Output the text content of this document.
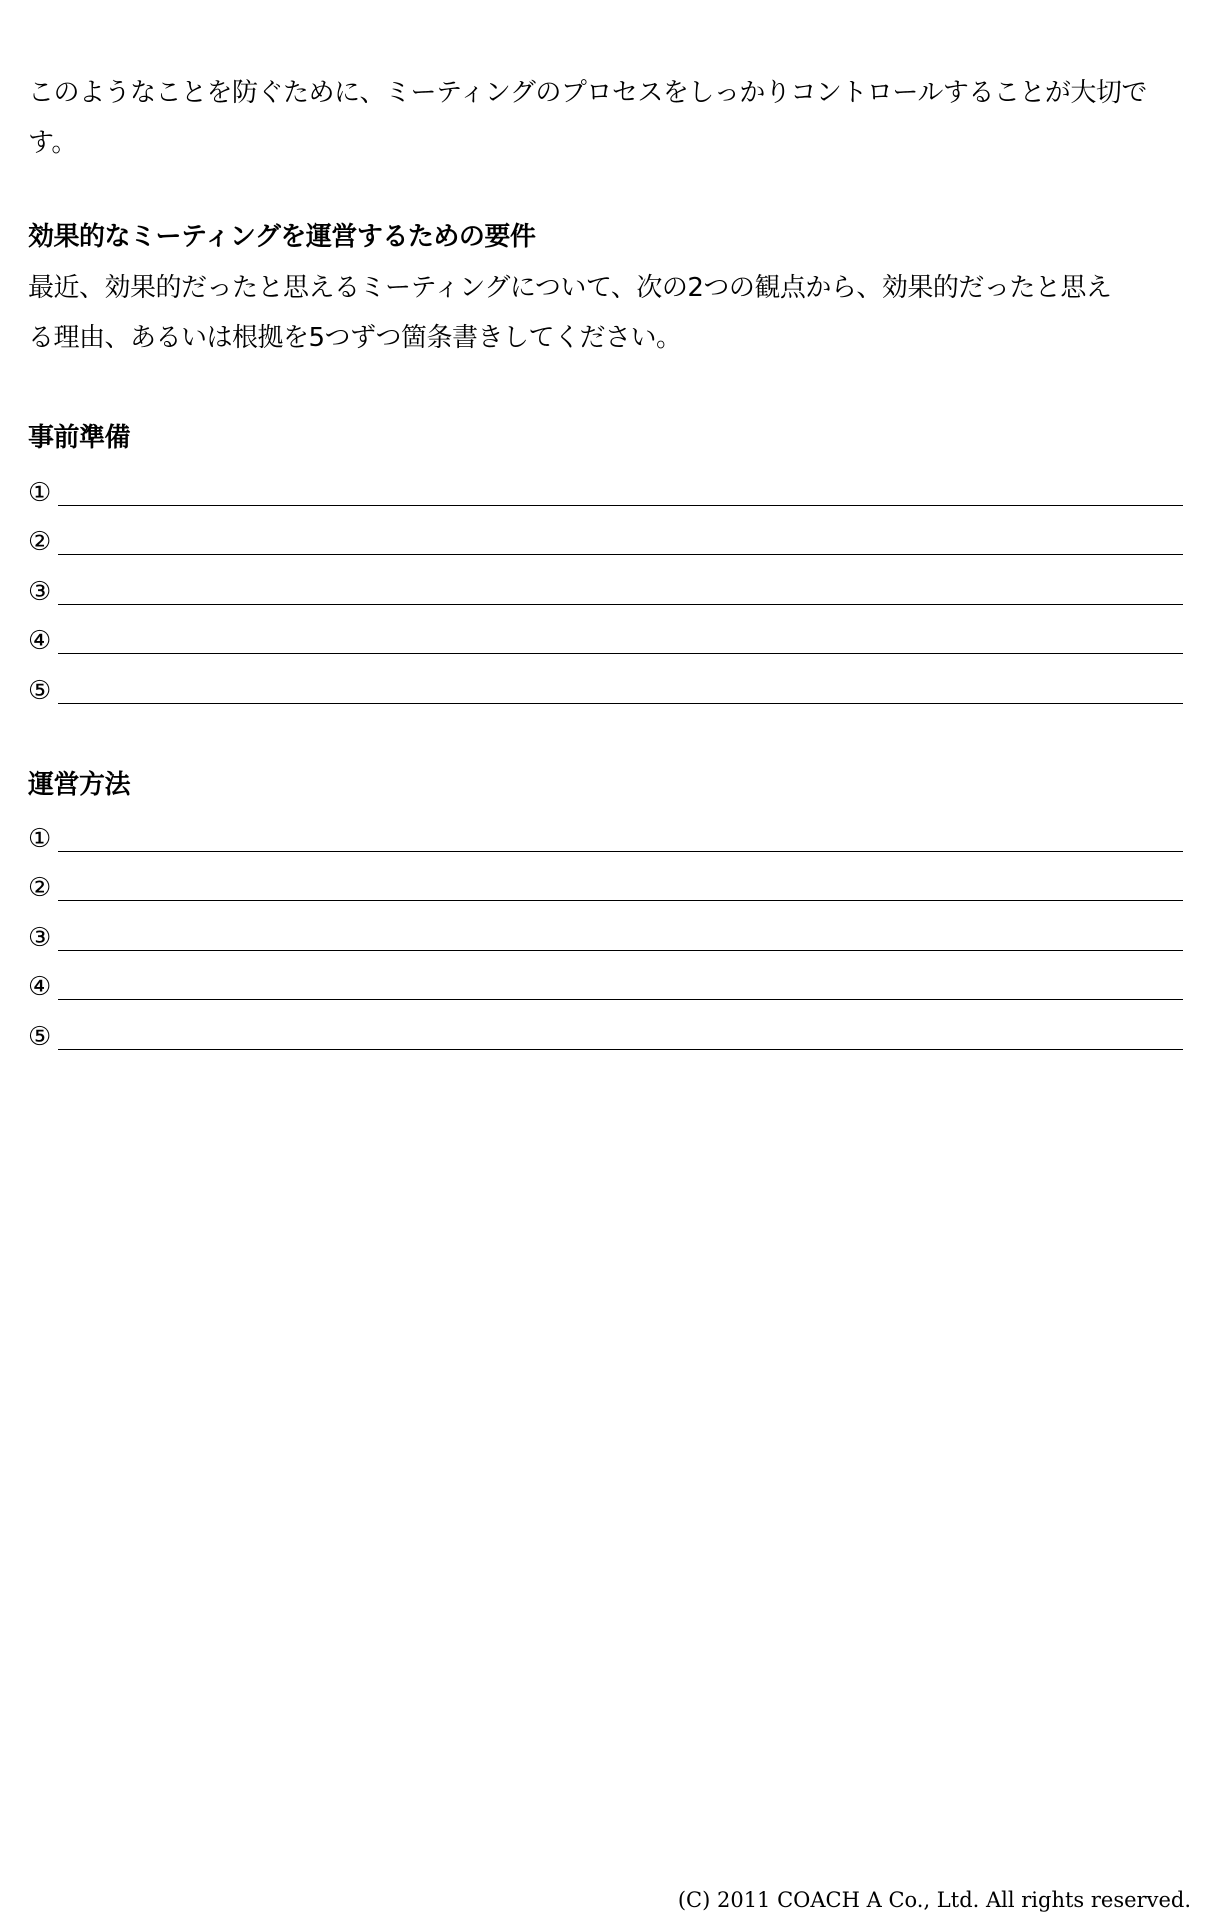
このようなことを防ぐために、ミーティングのプロセスをしっかりコントロールすることが大切で
す。

効果的なミーティングを運営するための要件

最近、効果的だったと思えるミーティングについて、次の2つの観点から、効果的だったと思え
る理由、あるいは根拠を5つずつ箇条書きしてください。

事前準備
①
②
③
④
⑤
運営方法
①
②
③
④
⑤
(C) 2011 COACH A Co., Ltd. All rights reserved.
